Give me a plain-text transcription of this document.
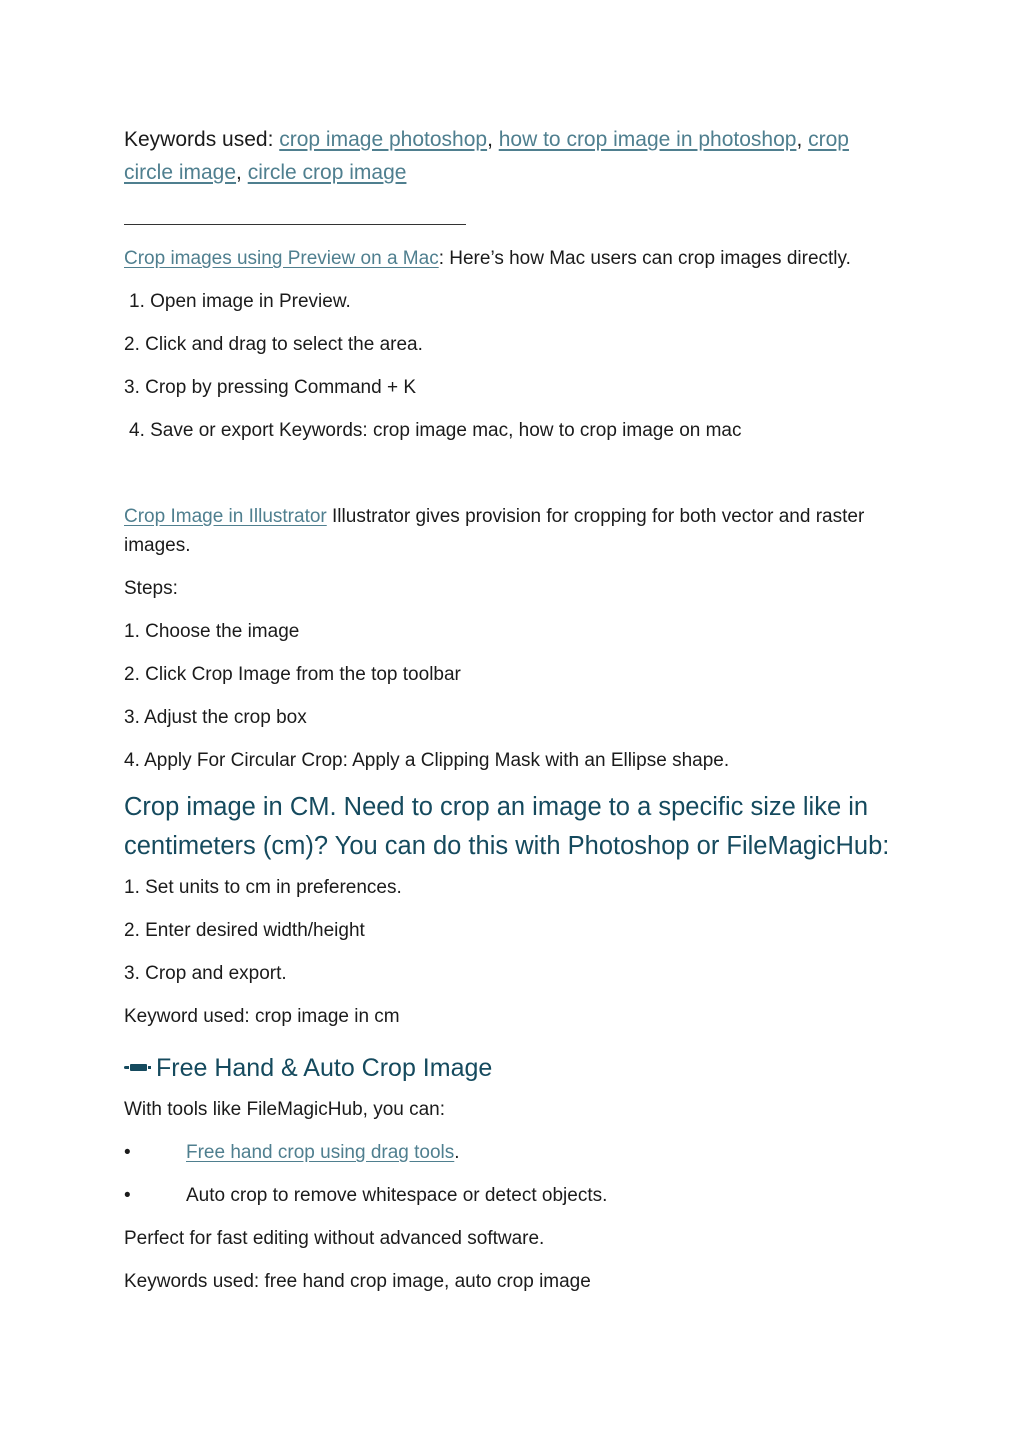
Keywords used: crop image photoshop, how to crop image in photoshop, crop circle image, circle crop image
Crop images using Preview on a Mac: Here’s how Mac users can crop images directly.
1. Open image in Preview.
2. Click and drag to select the area.
3. Crop by pressing Command + K
4. Save or export Keywords: crop image mac, how to crop image on mac
Crop Image in Illustrator Illustrator gives provision for cropping for both vector and raster images.
Steps:
1. Choose the image
2. Click Crop Image from the top toolbar
3. Adjust the crop box
4. Apply For Circular Crop: Apply a Clipping Mask with an Ellipse shape.
Crop image in CM. Need to crop an image to a specific size like in centimeters (cm)? You can do this with Photoshop or FileMagicHub:
1. Set units to cm in preferences.
2. Enter desired width/height
3. Crop and export.
Keyword used: crop image in cm
Free Hand & Auto Crop Image
With tools like FileMagicHub, you can:
•	Free hand crop using drag tools.
•	Auto crop to remove whitespace or detect objects.
Perfect for fast editing without advanced software.
Keywords used: free hand crop image, auto crop image
